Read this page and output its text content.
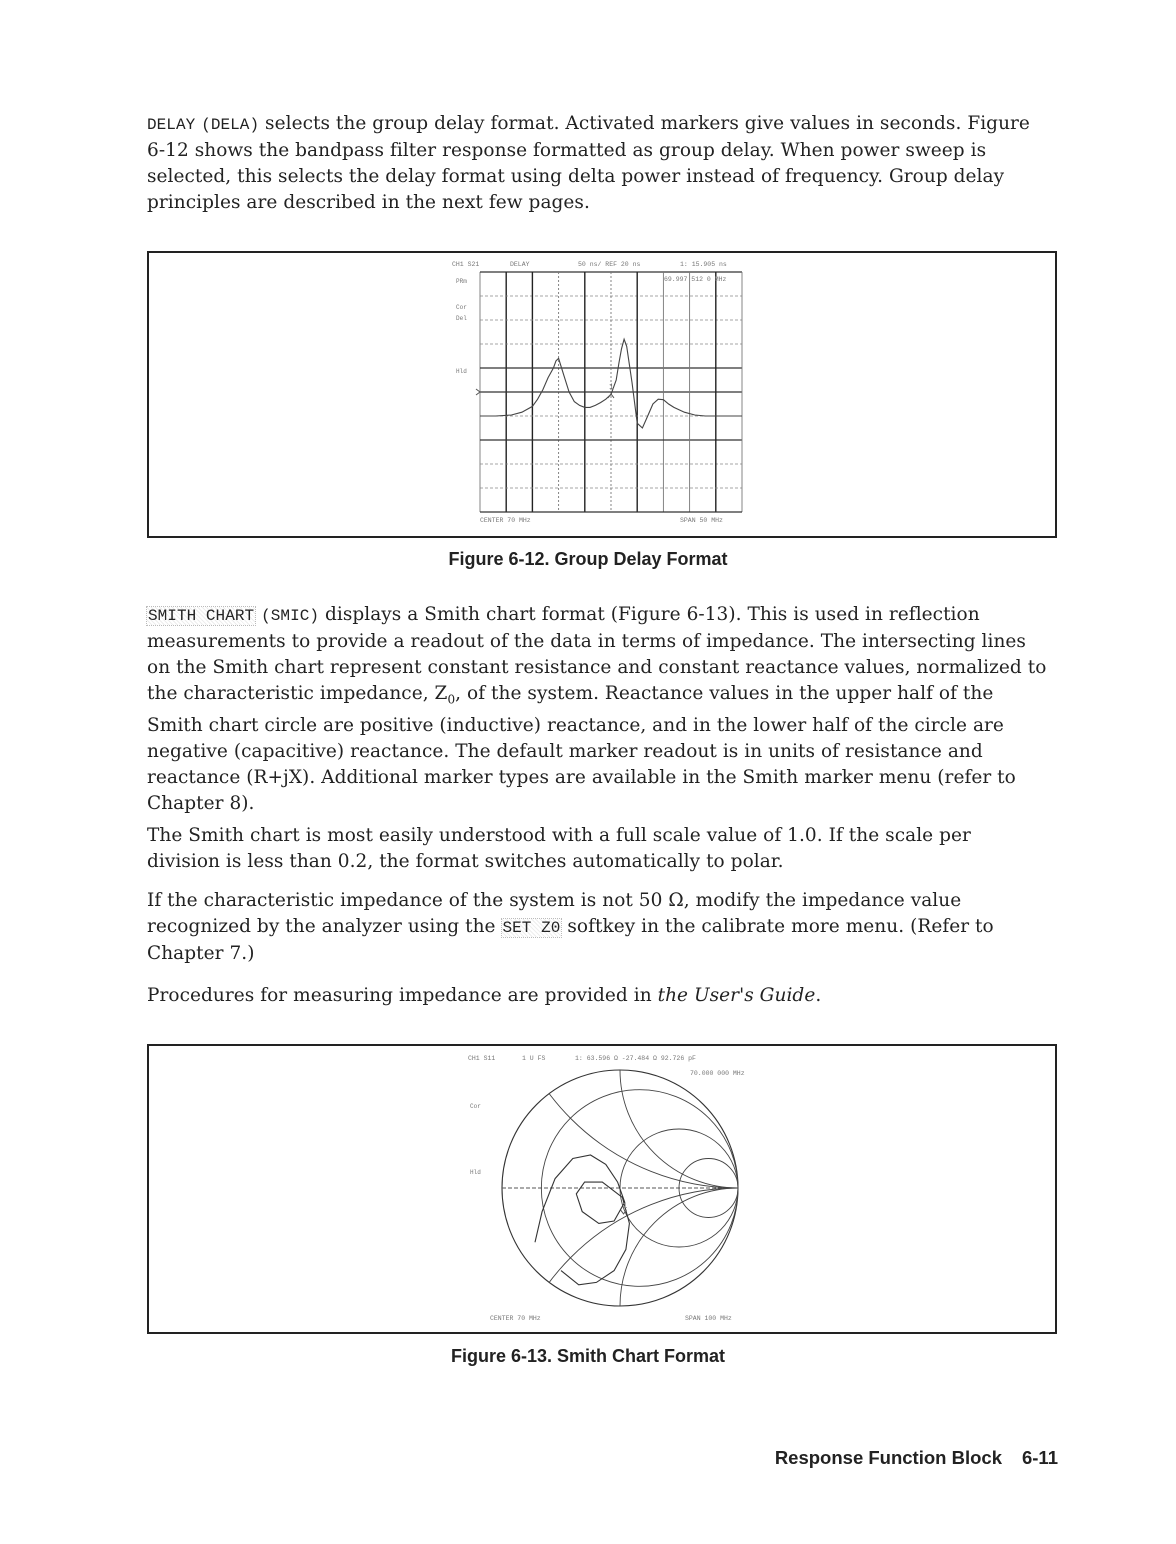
DELAY (DELA) selects the group delay format. Activated markers give values in seconds. Figure 6-12 shows the bandpass filter response formatted as group delay. When power sweep is selected, this selects the delay format using delta power instead of frequency. Group delay principles are described in the next few pages.

1
CH1 S21	DELAY	50 ns/ REF 20 ns	1: 15.905 ns
69.997 512 0 MHz
PRm
Cor
Del
Hld
CENTER 70 MHz	SPAN 50 MHz
Figure 6-12. Group Delay Format

SMITH CHART (SMIC) displays a Smith chart format (Figure 6-13). This is used in reflection measurements to provide a readout of the data in terms of impedance. The intersecting lines on the Smith chart represent constant resistance and constant reactance values, normalized to the characteristic impedance, $Z_0$, of the system. Reactance values in the upper half of the Smith chart circle are positive (inductive) reactance, and in the lower half of the circle are negative (capacitive) reactance. The default marker readout is in units of resistance and reactance (R+jX). Additional marker types are available in the Smith marker menu (refer to Chapter 8).

The Smith chart is most easily understood with a full scale value of 1.0. If the scale per division is less than 0.2, the format switches automatically to polar.

If the characteristic impedance of the system is not 50 Ω, modify the impedance value recognized by the analyzer using the SET Z0 softkey in the calibrate more menu. (Refer to Chapter 7.)

Procedures for measuring impedance are provided in the User's Guide.

1
CH1 S11	1 U FS	1: 63.596 Ω -27.484 Ω 92.726 pF
70.000 000 MHz
Cor
Hld
CENTER 70 MHz	SPAN 100 MHz
Figure 6-13. Smith Chart Format
Response Function Block 6-11
